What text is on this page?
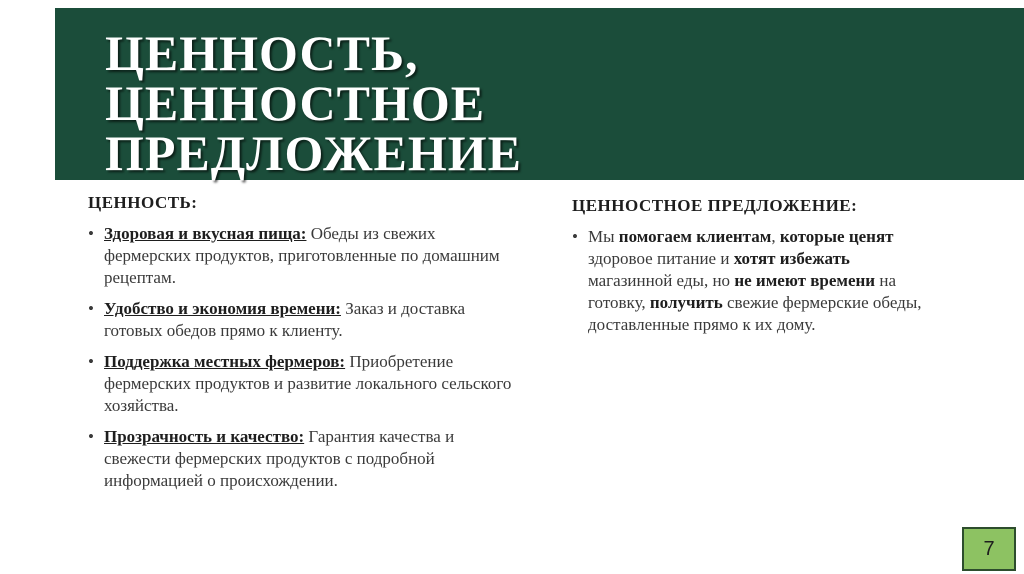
ЦЕННОСТЬ,
ЦЕННОСТНОЕ
ПРЕДЛОЖЕНИЕ
ЦЕННОСТЬ:
• Здоровая и вкусная пища: Обеды из свежих фермерских продуктов, приготовленные по домашним рецептам.
• Удобство и экономия времени: Заказ и доставка готовых обедов прямо к клиенту.
• Поддержка местных фермеров: Приобретение фермерских продуктов и развитие локального сельского хозяйства.
• Прозрачность и качество: Гарантия качества и свежести фермерских продуктов с подробной информацией о происхождении.
ЦЕННОСТНОЕ ПРЕДЛОЖЕНИЕ:
• Мы помогаем клиентам, которые ценят здоровое питание и хотят избежать магазинной еды, но не имеют времени на готовку, получить свежие фермерские обеды, доставленные прямо к их дому.
7
